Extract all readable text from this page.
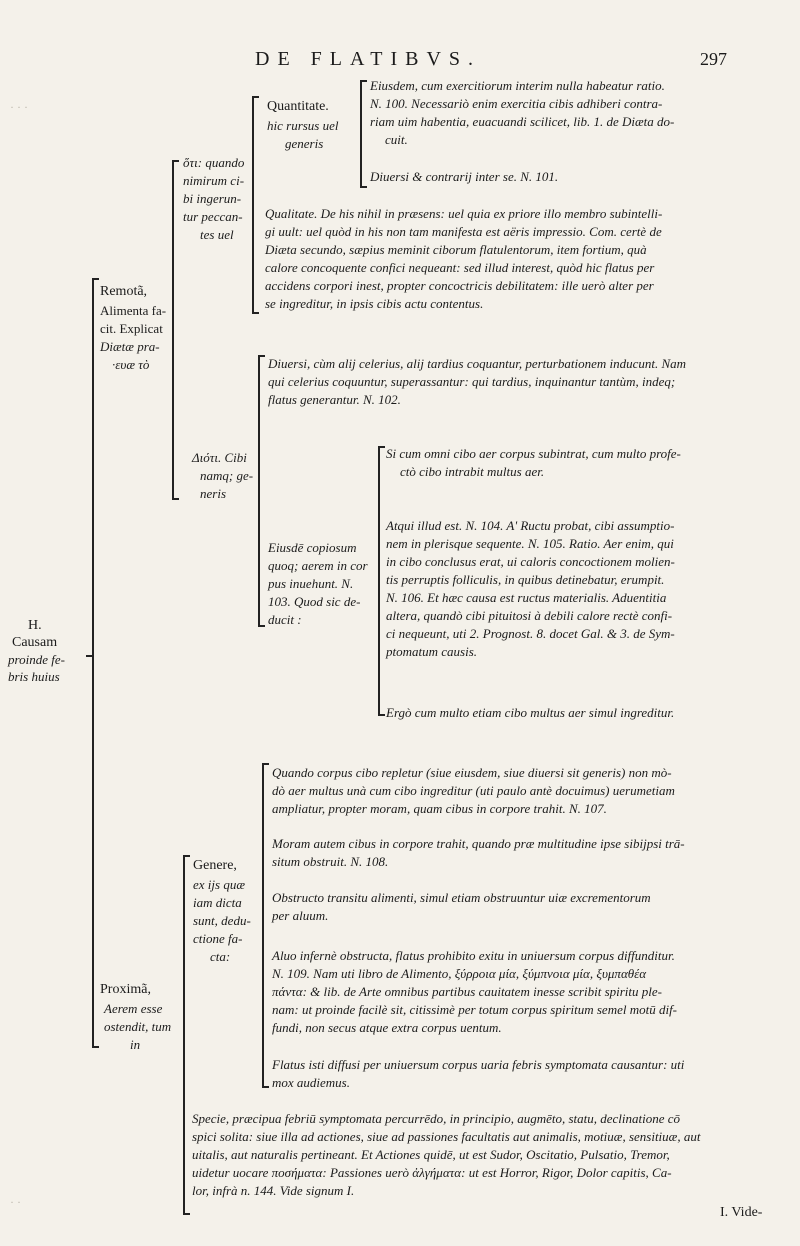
· · ·
· ·
DE FLATIBVS.	297
H.
Causam
proinde fe-
bris huius
Remotã,
Alimenta fa-
cit. Explicat
Diætæ pra-
·ευæ τὸ
Proximã,
Aerem esse
ostendit, tum
in
ὅτι: quando
nimirum ci-
bi ingerun-
tur peccan-
tes uel
Διότι. Cibi
namq; ge-
neris
Quantitate.
hic rursus uel
generis
Eiusdem, cum exercitiorum interim nulla habeatur ratio.
N. 100. Necessariò enim exercitia cibis adhiberi contra-
riam uim habentia, euacuandi scilicet, lib. 1. de Diæta do-
cuit.
Diuersi & contrarij inter se. N. 101.
Qualitate. De his nihil in præsens: uel quia ex priore illo membro subintelli-
gi uult: uel quòd in his non tam manifesta est aëris impressio. Com. certè de
Diæta secundo, sæpius meminit ciborum flatulentorum, item fortium, quà
calore concoquente confici nequeant: sed illud interest, quòd hic flatus per
accidens corpori inest, propter concoctricis debilitatem: ille uerò alter per
se ingreditur, in ipsis cibis actu contentus.
Diuersi, cùm alij celerius, alij tardius coquantur, perturbationem inducunt. Nam
qui celerius coquuntur, superassantur: qui tardius, inquinantur tantùm, indeq;
flatus generantur. N. 102.
Eiusdē copiosum
quoq; aerem in cor
pus inuehunt. N.
103. Quod sic de-
ducit :
Si cum omni cibo aer corpus subintrat, cum multo profe-
ctò cibo intrabit multus aer.
Atqui illud est. N. 104. A' Ructu probat, cibi assumptio-
nem in plerisque sequente. N. 105. Ratio. Aer enim, qui
in cibo conclusus erat, ui caloris concoctionem molien-
tis perruptis folliculis, in quibus detinebatur, erumpit.
N. 106. Et hæc causa est ructus materialis. Aduentitia
altera, quandò cibi pituitosi à debili calore rectè confi-
ci nequeunt, uti 2. Prognost. 8. docet Gal. & 3. de Sym-
ptomatum causis.
Ergò cum multo etiam cibo multus aer simul ingreditur.
Genere,
ex ijs quæ
iam dicta
sunt, dedu-
ctione fa-
cta:
Quando corpus cibo repletur (siue eiusdem, siue diuersi sit generis) non mò-
dò aer multus unà cum cibo ingreditur (uti paulo antè docuimus) uerumetiam
ampliatur, propter moram, quam cibus in corpore trahit. N. 107.
Moram autem cibus in corpore trahit, quando præ multitudine ipse sibijpsi trā-
situm obstruit. N. 108.
Obstructo transitu alimenti, simul etiam obstruuntur uiæ excrementorum
per aluum.
Aluo infernè obstructa, flatus prohibito exitu in uniuersum corpus diffunditur.
N. 109. Nam uti libro de Alimento, ξύρροια μία, ξύμπνοια μία, ξυμπαθέα
πάντα: & lib. de Arte omnibus partibus cauitatem inesse scribit spiritu ple-
nam: ut proinde facilè sit, citissimè per totum corpus spiritum semel motū dif-
fundi, non secus atque extra corpus uentum.
Flatus isti diffusi per uniuersum corpus uaria febris symptomata causantur: uti
mox audiemus.
Specie, præcipua febriū symptomata percurrēdo, in principio, augmēto, statu, declinatione cō
spici solita: siue illa ad actiones, siue ad passiones facultatis aut animalis, motiuæ, sensitiuæ, aut
uitalis, aut naturalis pertineant. Et Actiones quidē, ut est Sudor, Oscitatio, Pulsatio, Tremor,
uidetur uocare ποσήματα: Passiones uerò ἀλγήματα: ut est Horror, Rigor, Dolor capitis, Ca-
lor, infrà n. 144. Vide signum I.
I. Vide-
